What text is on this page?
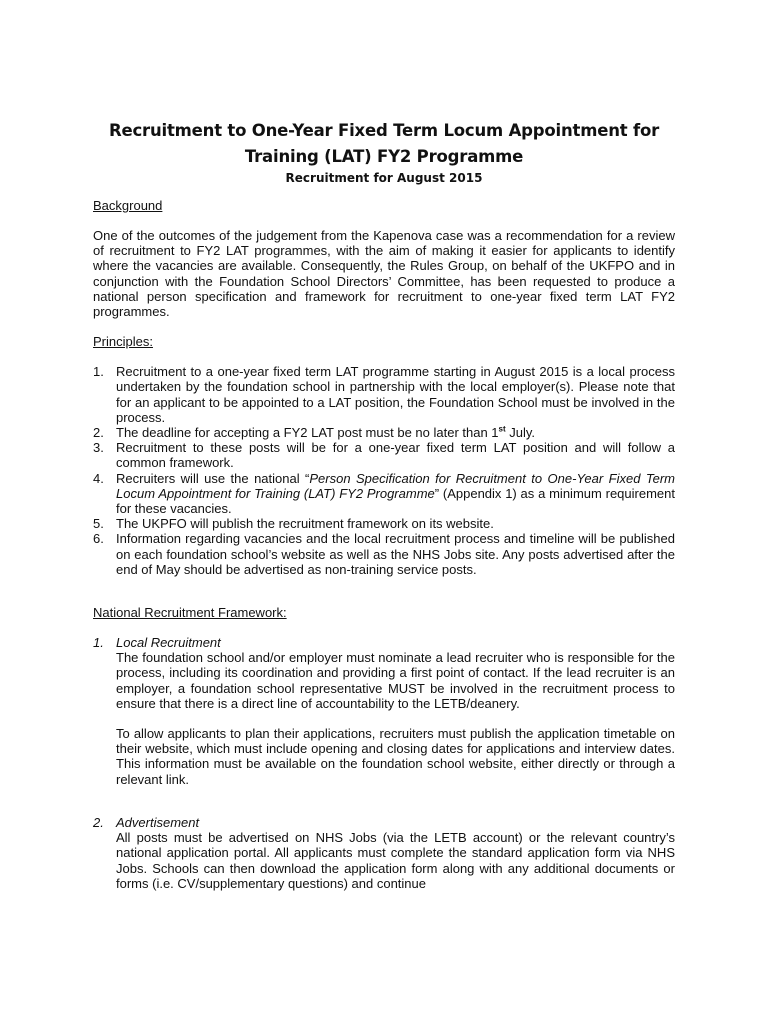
Recruitment to One-Year Fixed Term Locum Appointment for Training (LAT) FY2 Programme
Recruitment for August 2015
Background
One of the outcomes of the judgement from the Kapenova case was a recommendation for a review of recruitment to FY2 LAT programmes, with the aim of making it easier for applicants to identify where the vacancies are available. Consequently, the Rules Group, on behalf of the UKFPO and in conjunction with the Foundation School Directors’ Committee, has been requested to produce a national person specification and framework for recruitment to one-year fixed term LAT FY2 programmes.
Principles:
1. Recruitment to a one-year fixed term LAT programme starting in August 2015 is a local process undertaken by the foundation school in partnership with the local employer(s). Please note that for an applicant to be appointed to a LAT position, the Foundation School must be involved in the process.
2. The deadline for accepting a FY2 LAT post must be no later than 1st July.
3. Recruitment to these posts will be for a one-year fixed term LAT position and will follow a common framework.
4. Recruiters will use the national “Person Specification for Recruitment to One-Year Fixed Term Locum Appointment for Training (LAT) FY2 Programme” (Appendix 1) as a minimum requirement for these vacancies.
5. The UKPFO will publish the recruitment framework on its website.
6. Information regarding vacancies and the local recruitment process and timeline will be published on each foundation school’s website as well as the NHS Jobs site. Any posts advertised after the end of May should be advertised as non-training service posts.
National Recruitment Framework:
1. Local Recruitment
The foundation school and/or employer must nominate a lead recruiter who is responsible for the process, including its coordination and providing a first point of contact. If the lead recruiter is an employer, a foundation school representative MUST be involved in the recruitment process to ensure that there is a direct line of accountability to the LETB/deanery.
To allow applicants to plan their applications, recruiters must publish the application timetable on their website, which must include opening and closing dates for applications and interview dates. This information must be available on the foundation school website, either directly or through a relevant link.
2. Advertisement
All posts must be advertised on NHS Jobs (via the LETB account) or the relevant country’s national application portal. All applicants must complete the standard application form via NHS Jobs. Schools can then download the application form along with any additional documents or forms (i.e. CV/supplementary questions) and continue
